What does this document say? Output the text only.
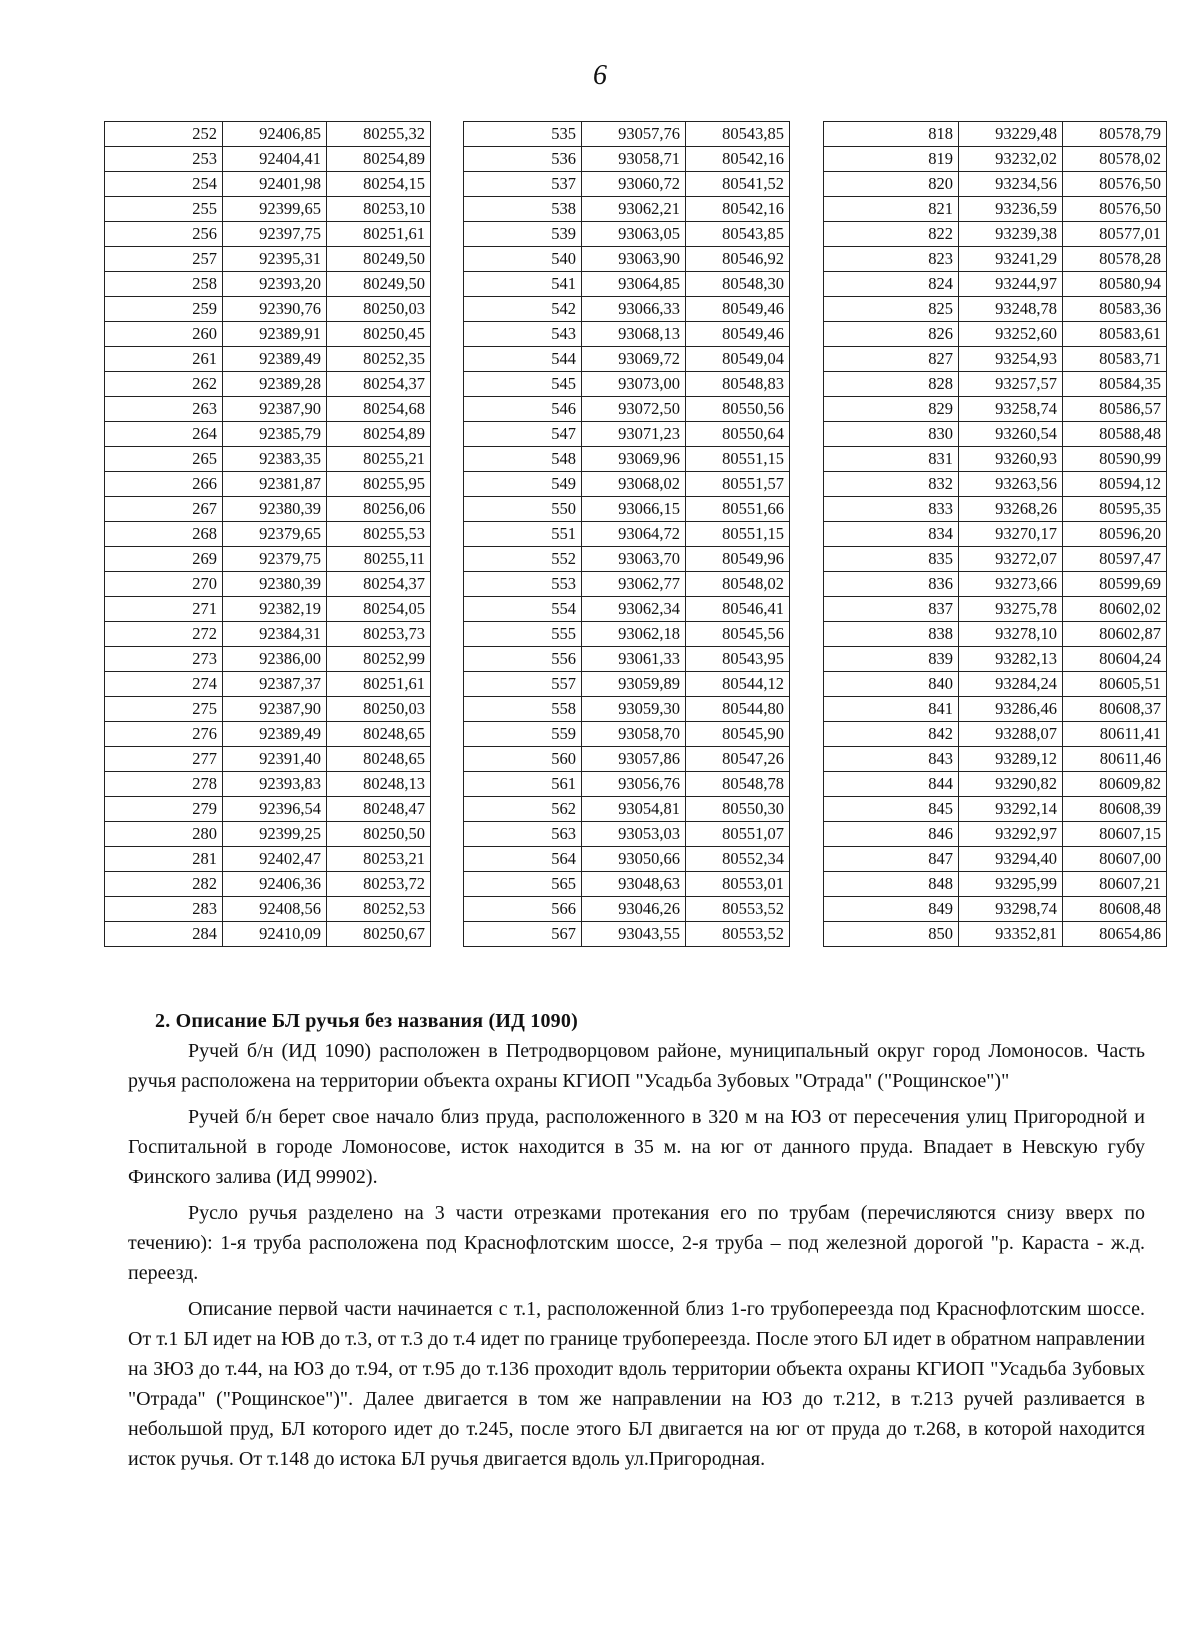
6
252	92406,85	80255,32
253	92404,41	80254,89
254	92401,98	80254,15
255	92399,65	80253,10
256	92397,75	80251,61
257	92395,31	80249,50
258	92393,20	80249,50
259	92390,76	80250,03
260	92389,91	80250,45
261	92389,49	80252,35
262	92389,28	80254,37
263	92387,90	80254,68
264	92385,79	80254,89
265	92383,35	80255,21
266	92381,87	80255,95
267	92380,39	80256,06
268	92379,65	80255,53
269	92379,75	80255,11
270	92380,39	80254,37
271	92382,19	80254,05
272	92384,31	80253,73
273	92386,00	80252,99
274	92387,37	80251,61
275	92387,90	80250,03
276	92389,49	80248,65
277	92391,40	80248,65
278	92393,83	80248,13
279	92396,54	80248,47
280	92399,25	80250,50
281	92402,47	80253,21
282	92406,36	80253,72
283	92408,56	80252,53
284	92410,09	80250,67
535	93057,76	80543,85
536	93058,71	80542,16
537	93060,72	80541,52
538	93062,21	80542,16
539	93063,05	80543,85
540	93063,90	80546,92
541	93064,85	80548,30
542	93066,33	80549,46
543	93068,13	80549,46
544	93069,72	80549,04
545	93073,00	80548,83
546	93072,50	80550,56
547	93071,23	80550,64
548	93069,96	80551,15
549	93068,02	80551,57
550	93066,15	80551,66
551	93064,72	80551,15
552	93063,70	80549,96
553	93062,77	80548,02
554	93062,34	80546,41
555	93062,18	80545,56
556	93061,33	80543,95
557	93059,89	80544,12
558	93059,30	80544,80
559	93058,70	80545,90
560	93057,86	80547,26
561	93056,76	80548,78
562	93054,81	80550,30
563	93053,03	80551,07
564	93050,66	80552,34
565	93048,63	80553,01
566	93046,26	80553,52
567	93043,55	80553,52
818	93229,48	80578,79
819	93232,02	80578,02
820	93234,56	80576,50
821	93236,59	80576,50
822	93239,38	80577,01
823	93241,29	80578,28
824	93244,97	80580,94
825	93248,78	80583,36
826	93252,60	80583,61
827	93254,93	80583,71
828	93257,57	80584,35
829	93258,74	80586,57
830	93260,54	80588,48
831	93260,93	80590,99
832	93263,56	80594,12
833	93268,26	80595,35
834	93270,17	80596,20
835	93272,07	80597,47
836	93273,66	80599,69
837	93275,78	80602,02
838	93278,10	80602,87
839	93282,13	80604,24
840	93284,24	80605,51
841	93286,46	80608,37
842	93288,07	80611,41
843	93289,12	80611,46
844	93290,82	80609,82
845	93292,14	80608,39
846	93292,97	80607,15
847	93294,40	80607,00
848	93295,99	80607,21
849	93298,74	80608,48
850	93352,81	80654,86
2. Описание БЛ ручья без названия (ИД 1090)

Ручей б/н (ИД 1090) расположен в Петродворцовом районе, муниципальный округ город Ломоносов. Часть ручья расположена на территории объекта охраны КГИОП "Усадьба Зубовых "Отрада" ("Рощинское")"

Ручей б/н берет свое начало близ пруда, расположенного в 320 м на ЮЗ от пересечения улиц Пригородной и Госпитальной в городе Ломоносове, исток находится в 35 м. на юг от данного пруда. Впадает в Невскую губу Финского залива (ИД 99902).

Русло ручья разделено на 3 части отрезками протекания его по трубам (перечисляются снизу вверх по течению): 1-я труба расположена под Краснофлотским шоссе, 2-я труба – под железной дорогой "р. Караста - ж.д. переезд.

Описание первой части начинается с т.1, расположенной близ 1-го трубопереезда под Краснофлотским шоссе. От т.1 БЛ идет на ЮВ до т.3, от т.3 до т.4 идет по границе трубопереезда. После этого БЛ идет в обратном направлении на ЗЮЗ до т.44, на ЮЗ до т.94, от т.95 до т.136 проходит вдоль территории объекта охраны КГИОП "Усадьба Зубовых "Отрада" ("Рощинское")". Далее двигается в том же направлении на ЮЗ до т.212, в т.213 ручей разливается в небольшой пруд, БЛ которого идет до т.245, после этого БЛ двигается на юг от пруда до т.268, в которой находится исток ручья. От т.148 до истока БЛ ручья двигается вдоль ул.Пригородная.
